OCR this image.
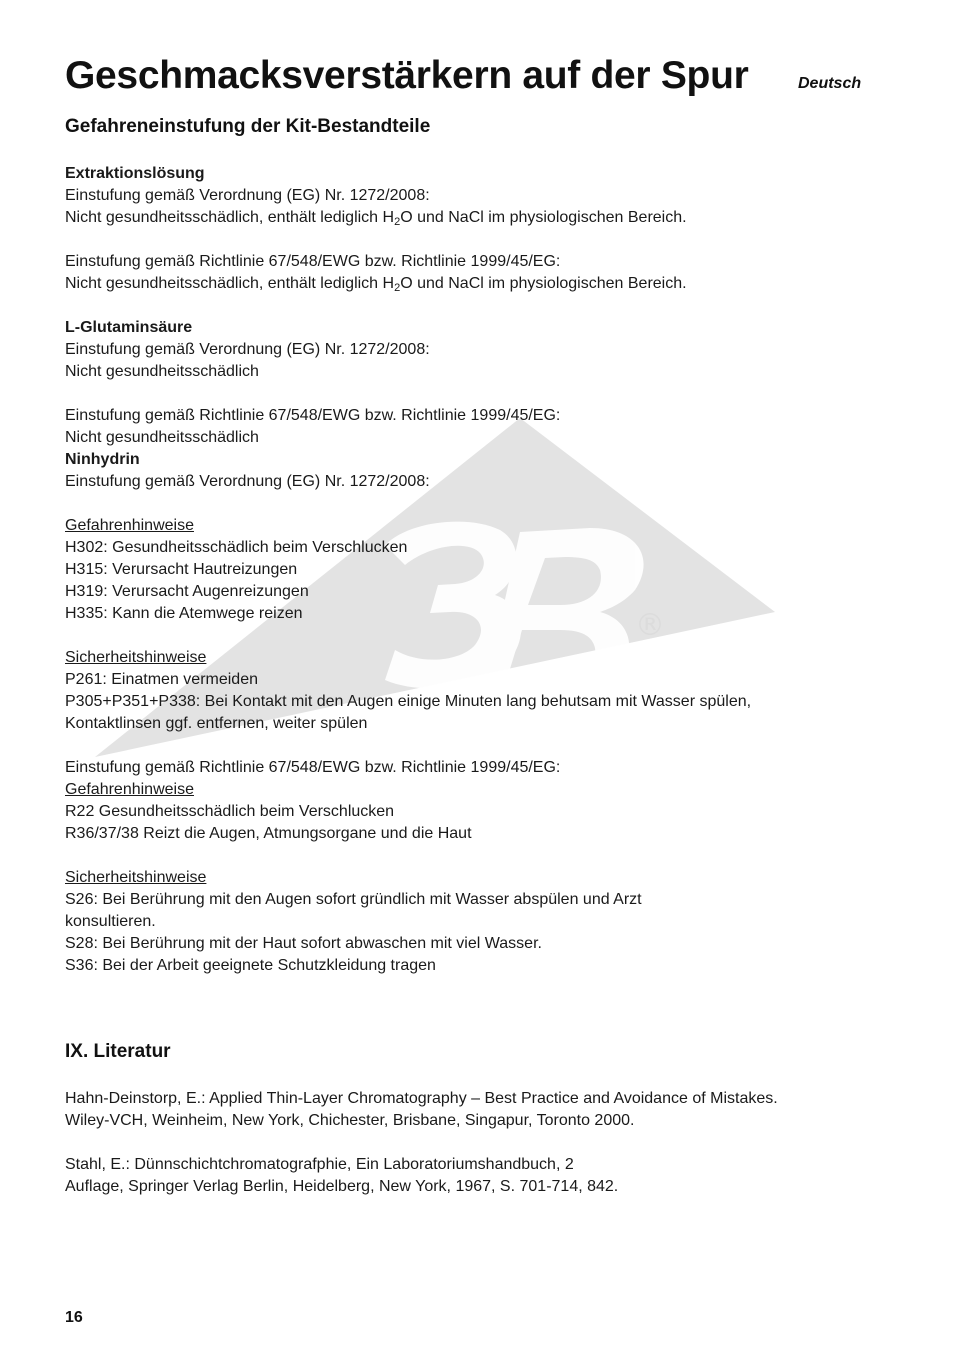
®
Geschmacksverstärkern auf der Spur	Deutsch
Gefahreneinstufung der Kit-Bestandteile
Extraktionslösung
Einstufung gemäß Verordnung (EG) Nr. 1272/2008:
Nicht gesundheitsschädlich, enthält lediglich $H_2O$ und NaCl im physiologischen Bereich.
Einstufung gemäß Richtlinie 67/548/EWG bzw. Richtlinie 1999/45/EG:
Nicht gesundheitsschädlich, enthält lediglich $H_2O$ und NaCl im physiologischen Bereich.
L-Glutaminsäure
Einstufung gemäß Verordnung (EG) Nr. 1272/2008:
Nicht gesundheitsschädlich
Einstufung gemäß Richtlinie 67/548/EWG bzw. Richtlinie 1999/45/EG:
Nicht gesundheitsschädlich
Ninhydrin
Einstufung gemäß Verordnung (EG) Nr. 1272/2008:
Gefahrenhinweise
H302: Gesundheitsschädlich beim Verschlucken
H315: Verursacht Hautreizungen
H319: Verursacht Augenreizungen
H335: Kann die Atemwege reizen
Sicherheitshinweise
P261: Einatmen vermeiden
P305+P351+P338: Bei Kontakt mit den Augen einige Minuten lang behutsam mit Wasser spülen,
Kontaktlinsen ggf. entfernen, weiter spülen
Einstufung gemäß Richtlinie 67/548/EWG bzw. Richtlinie 1999/45/EG:
Gefahrenhinweise
R22 Gesundheitsschädlich beim Verschlucken
R36/37/38 Reizt die Augen, Atmungsorgane und die Haut
Sicherheitshinweise
S26: Bei Berührung mit den Augen sofort gründlich mit Wasser abspülen und Arzt
konsultieren.
S28: Bei Berührung mit der Haut sofort abwaschen mit viel Wasser.
S36: Bei der Arbeit geeignete Schutzkleidung tragen
IX. Literatur
Hahn-Deinstorp, E.: Applied Thin-Layer Chromatography – Best Practice and Avoidance of Mistakes.
Wiley-VCH, Weinheim, New York, Chichester, Brisbane, Singapur, Toronto 2000.
Stahl, E.: Dünnschichtchromatografphie, Ein Laboratoriumshandbuch, 2
Auflage, Springer Verlag Berlin, Heidelberg, New York, 1967, S. 701-714, 842.
16
